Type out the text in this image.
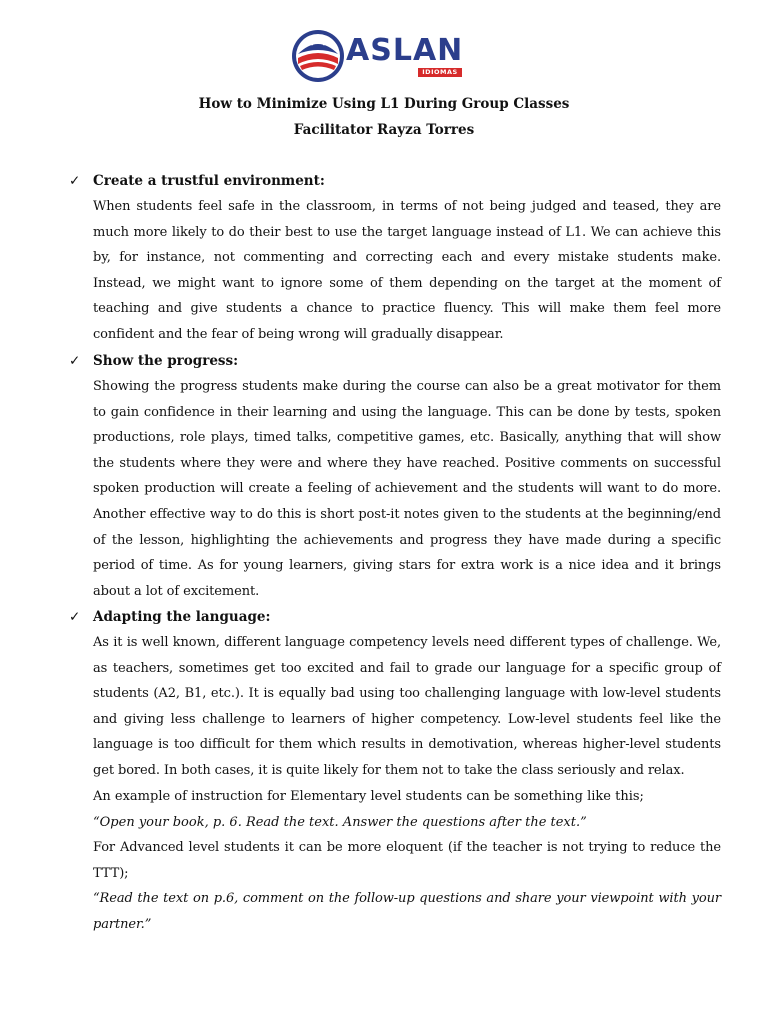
ASLAN
IDIOMAS
How to Minimize Using L1 During Group Classes
Facilitator Rayza Torres
✓ Create a trustful environment:
When students feel safe in the classroom, in terms of not being judged and teased, they are much more likely to do their best to use the target language instead of L1. We can achieve this by, for instance, not commenting and correcting each and every mistake students make. Instead, we might want to ignore some of them depending on the target at the moment of teaching and give students a chance to practice fluency. This will make them feel more confident and the fear of being wrong will gradually disappear.
✓ Show the progress:
Showing the progress students make during the course can also be a great motivator for them to gain confidence in their learning and using the language. This can be done by tests, spoken productions, role plays, timed talks, competitive games, etc. Basically, anything that will show the students where they were and where they have reached. Positive comments on successful spoken production will create a feeling of achievement and the students will want to do more. Another effective way to do this is short post-it notes given to the students at the beginning/end of the lesson, highlighting the achievements and progress they have made during a specific period of time. As for young learners, giving stars for extra work is a nice idea and it brings about a lot of excitement.
✓ Adapting the language:
As it is well known, different language competency levels need different types of challenge. We, as teachers, sometimes get too excited and fail to grade our language for a specific group of students (A2, B1, etc.). It is equally bad using too challenging language with low-level students and giving less challenge to learners of higher competency. Low-level students feel like the language is too difficult for them which results in demotivation, whereas higher-level students get bored. In both cases, it is quite likely for them not to take the class seriously and relax.
An example of instruction for Elementary level students can be something like this;
“Open your book, p. 6. Read the text. Answer the questions after the text.”
For Advanced level students it can be more eloquent (if the teacher is not trying to reduce the TTT);
“Read the text on p.6, comment on the follow-up questions and share your viewpoint with your partner.”
